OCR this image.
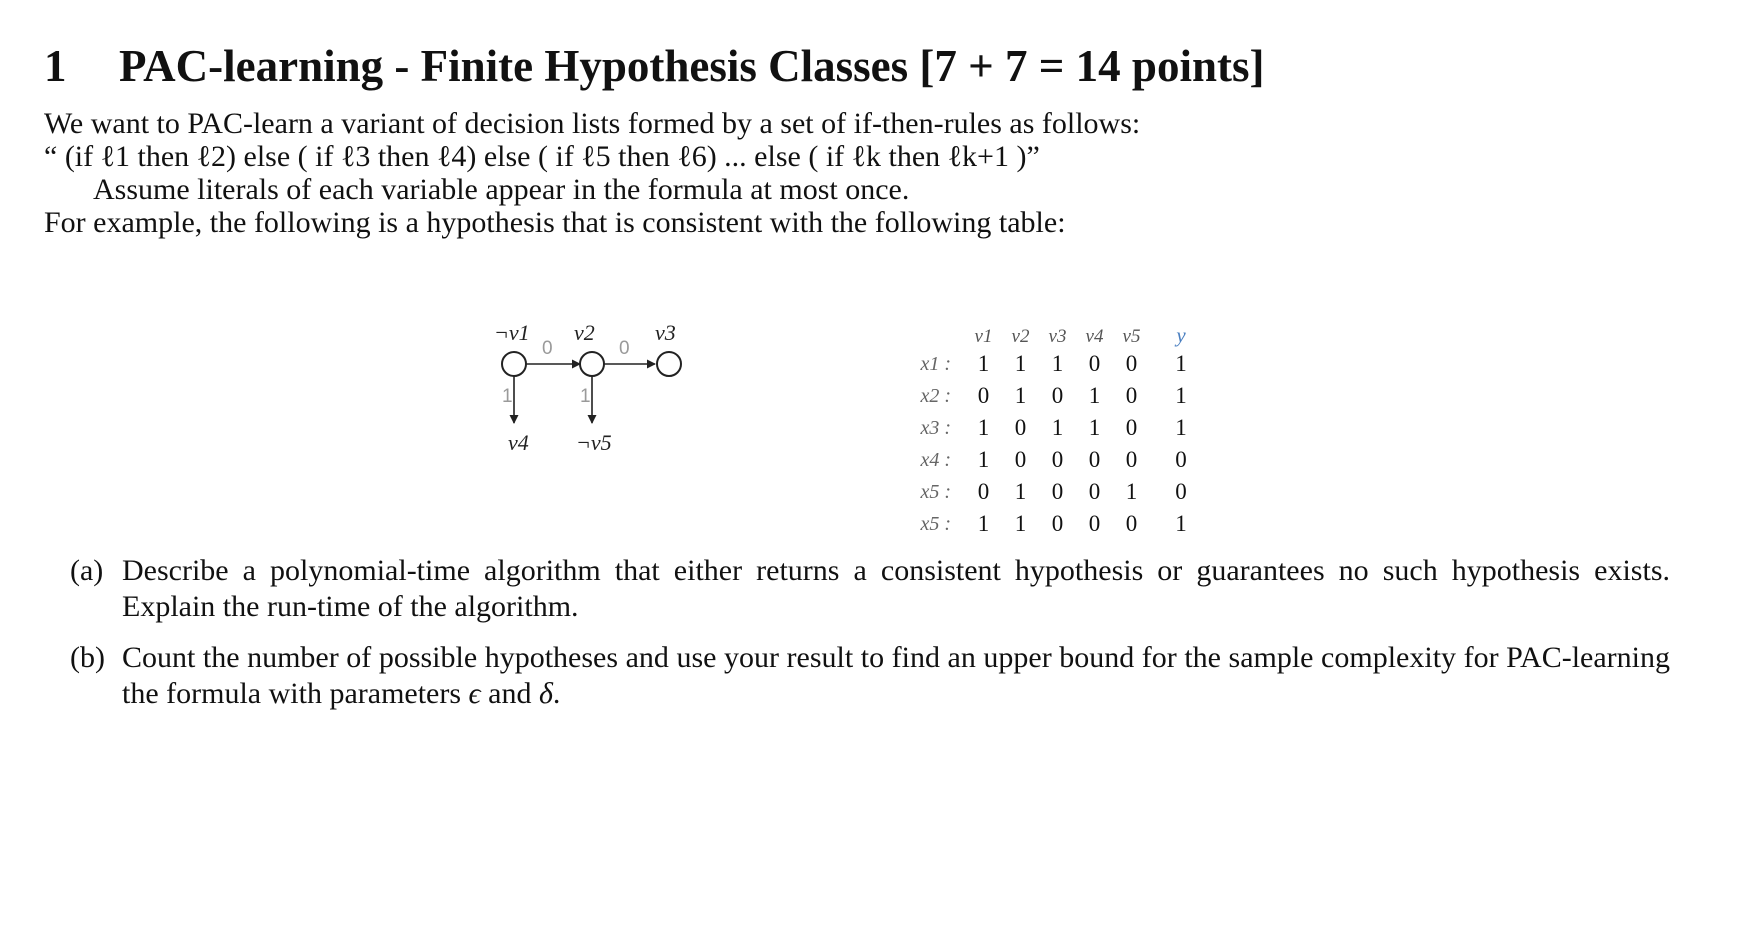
1 PAC-learning - Finite Hypothesis Classes [7 + 7 = 14 points]
We want to PAC-learn a variant of decision lists formed by a set of if-then-rules as follows:
“ (if ℓ1 then ℓ2) else ( if ℓ3 then ℓ4) else ( if ℓ5 then ℓ6) ... else ( if ℓk then ℓk+1 )”
Assume literals of each variable appear in the formula at most once.
For example, the following is a hypothesis that is consistent with the following table:
¬v1 v2	v3
0	0
1	1
v4 ¬v5
	v1	v2	v3	v4	v5		y
x1 :	1	1	1	0	0		1
x2 :	0	1	0	1	0		1
x3 :	1	0	1	1	0		1
x4 :	1	0	0	0	0		0
x5 :	0	1	0	0	1		0
x5 :	1	1	0	0	0		1
(a) Describe a polynomial-time algorithm that either returns a consistent hypothesis or guarantees no such hypothesis exists. Explain the run-time of the algorithm.
(b) Count the number of possible hypotheses and use your result to find an upper bound for the sample complexity for PAC-learning the formula with parameters ϵ and δ.
